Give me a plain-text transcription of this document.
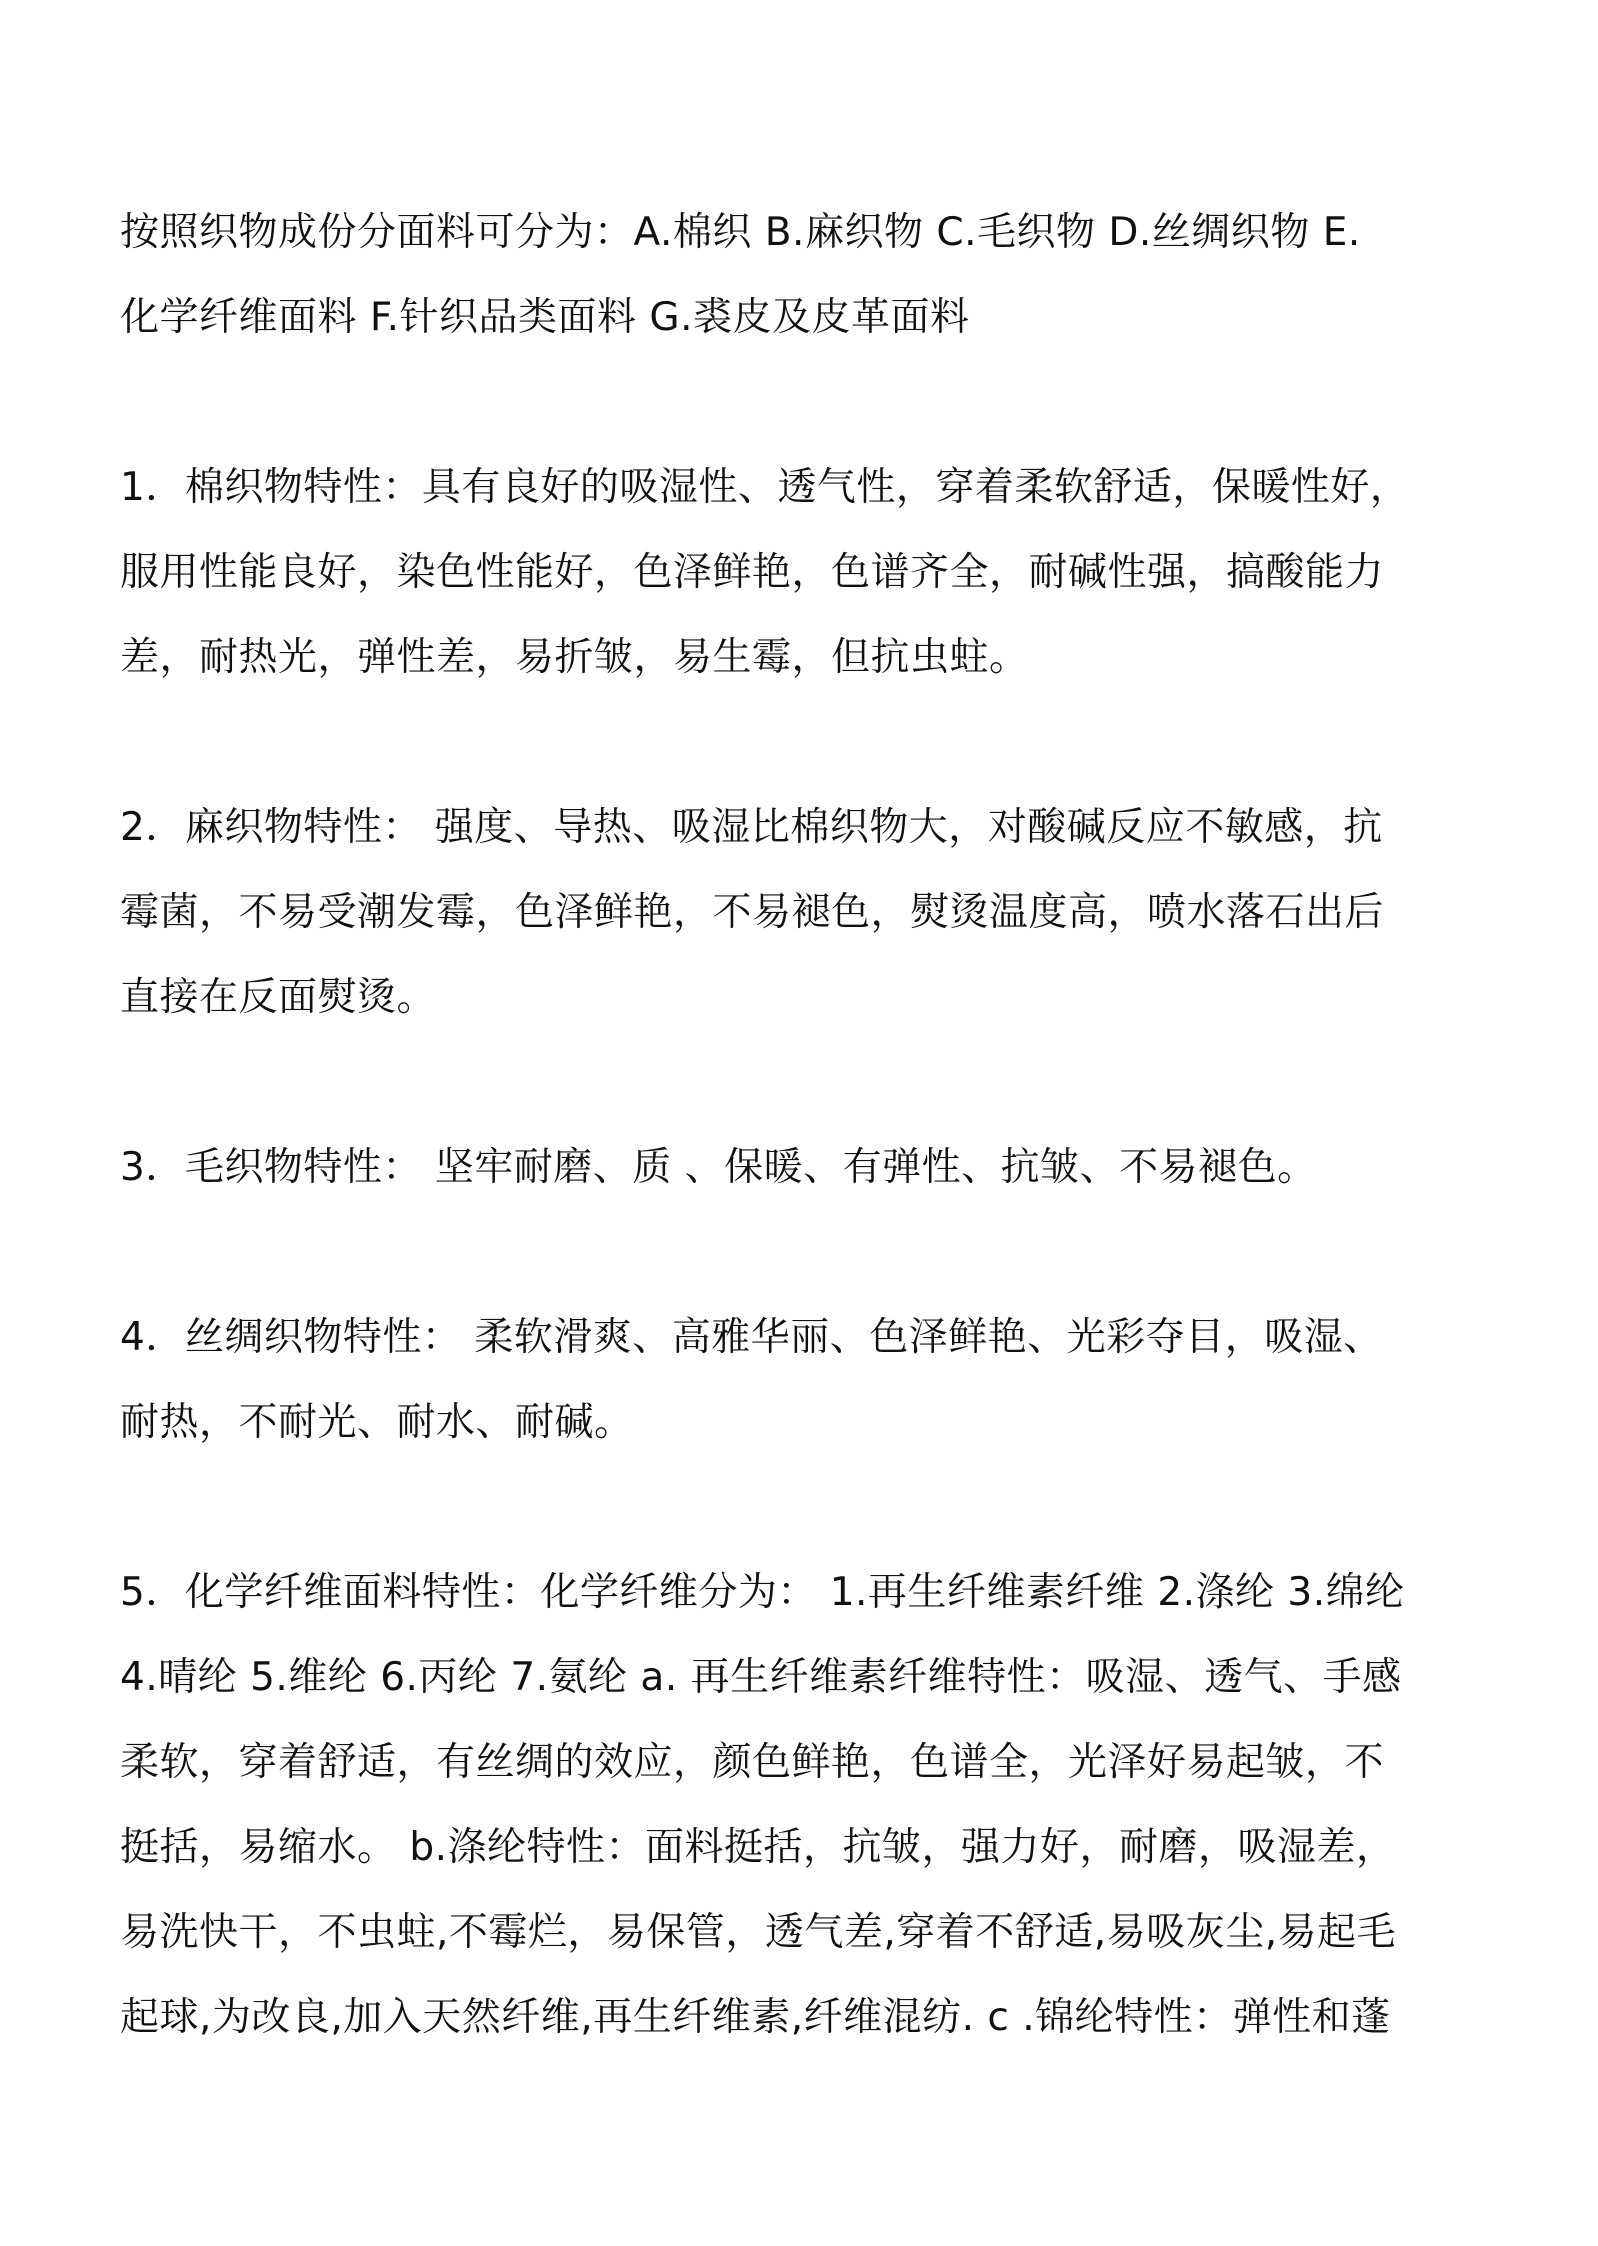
按照织物成份分面料可分为：A.棉织 B.麻织物 C.毛织物 D.丝绸织物 E.
化学纤维面料 F.针织品类面料 G.裘皮及皮革面料

1．棉织物特性：具有良好的吸湿性、透气性，穿着柔软舒适，保暖性好，
服用性能良好，染色性能好，色泽鲜艳，色谱齐全，耐碱性强，搞酸能力
差，耐热光，弹性差，易折皱，易生霉，但抗虫蛀。

2．麻织物特性： 强度、导热、吸湿比棉织物大，对酸碱反应不敏感，抗
霉菌，不易受潮发霉，色泽鲜艳，不易褪色，熨烫温度高，喷水落石出后
直接在反面熨烫。

3．毛织物特性： 坚牢耐磨、质 、保暖、有弹性、抗皱、不易褪色。

4．丝绸织物特性： 柔软滑爽、高雅华丽、色泽鲜艳、光彩夺目，吸湿、
耐热，不耐光、耐水、耐碱。

5．化学纤维面料特性：化学纤维分为： 1.再生纤维素纤维 2.涤纶 3.绵纶
4.晴纶 5.维纶 6.丙纶 7.氨纶 a. 再生纤维素纤维特性：吸湿、透气、手感
柔软，穿着舒适，有丝绸的效应，颜色鲜艳，色谱全，光泽好易起皱，不
挺括，易缩水。 b.涤纶特性：面料挺括，抗皱，强力好，耐磨，吸湿差，
易洗快干，不虫蛀,不霉烂，易保管，透气差,穿着不舒适,易吸灰尘,易起毛
起球,为改良,加入天然纤维,再生纤维素,纤维混纺. c .锦纶特性：弹性和蓬
